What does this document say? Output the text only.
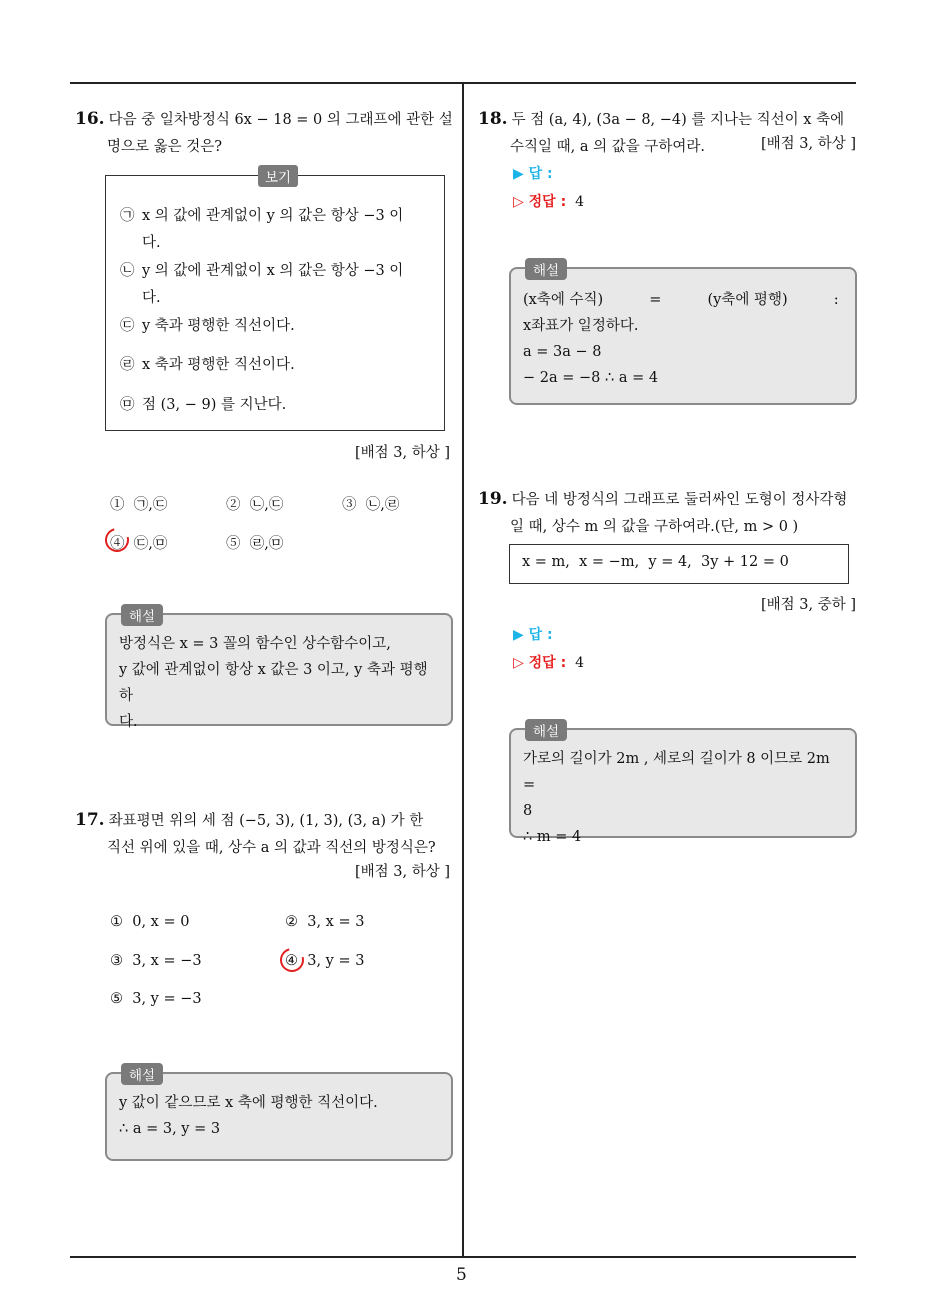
5
16. 다음 중 일차방정식 6x − 18 = 0 의 그래프에 관한 설
명으로 옳은 것은?
보기
㉠ x 의 값에 관계없이 y 의 값은 항상 −3 이
다.
㉡ y 의 값에 관계없이 x 의 값은 항상 −3 이
다.
㉢ y 축과 평행한 직선이다.
㉣ x 축과 평행한 직선이다.
㉤ 점 (3, − 9) 를 지난다.
[배점 3, 하상 ]
① ㉠,㉢	② ㉡,㉢	③ ㉡,㉣
④ ㉢,㉤	⑤ ㉣,㉤
해설
방정식은 x = 3 꼴의 함수인 상수함수이고,
y 값에 관계없이 항상 x 값은 3 이고, y 축과 평행하
다.
17. 좌표평면 위의 세 점 (−5, 3), (1, 3), (3, a) 가 한
직선 위에 있을 때, 상수 a 의 값과 직선의 방정식은?
[배점 3, 하상 ]
① 0, x = 0	② 3, x = 3
③ 3, x = −3	④ 3, y = 3
⑤ 3, y = −3
해설
y 값이 같으므로 x 축에 평행한 직선이다.
∴ a = 3, y = 3
18. 두 점 (a, 4), (3a − 8, −4) 를 지나는 직선이 x 축에
수직일 때, a 의 값을 구하여라.	[배점 3, 하상 ]
▶ 답 :
▷ 정답 : 4
해설
(x축에 수직)          =          (y축에 평행)          :
x좌표가 일정하다.
a = 3a − 8
− 2a = −8 ∴ a = 4
19. 다음 네 방정식의 그래프로 둘러싸인 도형이 정사각형
일 때, 상수 m 의 값을 구하여라.(단, m > 0 )
x = m,  x = −m,  y = 4,  3y + 12 = 0
[배점 3, 중하 ]
▶ 답 :
▷ 정답 : 4
해설
가로의 길이가 2m , 세로의 길이가 8 이므로 2m =
8
∴ m = 4
